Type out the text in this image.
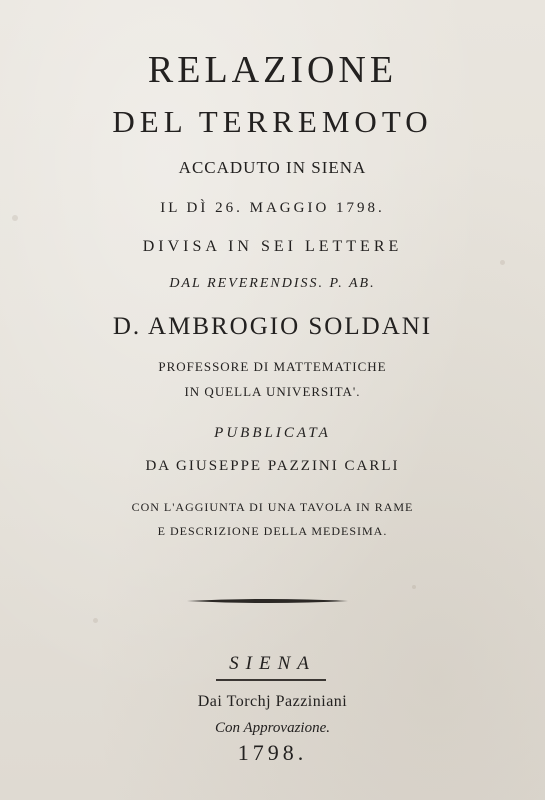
RELAZIONE
DEL TERREMOTO
ACCADUTO IN SIENA
IL DÌ 26. MAGGIO 1798.
DIVISA IN SEI LETTERE
DAL REVERENDISS. P. AB.
D. AMBROGIO SOLDANI
PROFESSORE DI MATTEMATICHE
IN QUELLA UNIVERSITA'.
PUBBLICATA
DA GIUSEPPE PAZZINI CARLI
CON L'AGGIUNTA DI UNA TAVOLA IN RAME
E DESCRIZIONE DELLA MEDESIMA.
SIENA
Dai Torchj Pazziniani
Con Approvazione.
1798.
